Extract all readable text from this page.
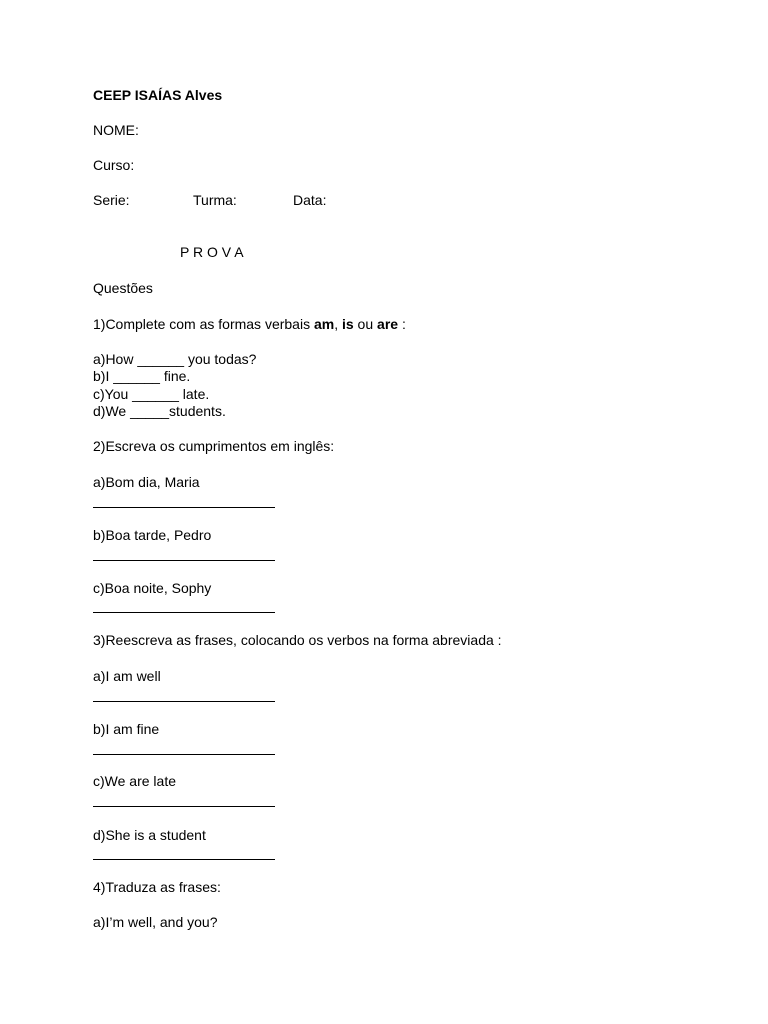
CEEP ISAÍAS Alves
NOME:
Curso:
Serie:	Turma:	Data:
P R O V A
Questões
1)Complete com as formas verbais am, is ou are :
a)How ______ you todas?
b)I ______ fine.
c)You ______ late.
d)We _____students.
2)Escreva os cumprimentos em inglês:
a)Bom dia, Maria
b)Boa tarde, Pedro
c)Boa noite, Sophy
3)Reescreva as frases, colocando os verbos na forma abreviada :
a)I am well
b)I am fine
c)We are late
d)She is a student
4)Traduza as frases:
a)I’m well, and you?
